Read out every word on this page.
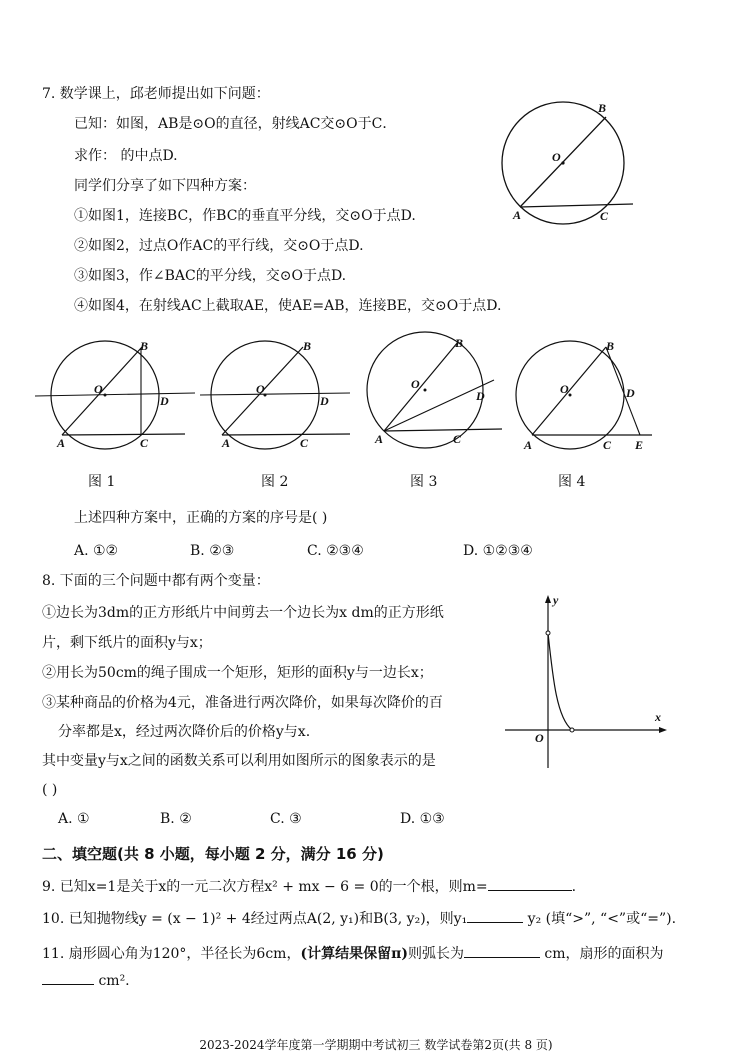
7. 数学课上，邱老师提出如下问题：
已知：如图，AB是⊙O的直径，射线AC交⊙O于C．
求作： 的中点D.
同学们分享了如下四种方案：
①如图1，连接BC，作BC的垂直平分线，交⊙O于点D.
②如图2，过点O作AC的平行线，交⊙O于点D.
③如图3，作∠BAC的平分线，交⊙O于点D.
④如图4，在射线AC上截取AE，使AE=AB，连接BE，交⊙O于点D.
B
O
A	C
B
O
D
A	C
B
O
D
A	C
B
O
D
A	C
B
O	D
A	C E
图 1	图 2	图 3	图 4
上述四种方案中，正确的方案的序号是( )
A. ①②	B. ②③	C. ②③④	D. ①②③④
8. 下面的三个问题中都有两个变量：
①边长为3dm的正方形纸片中间剪去一个边长为x dm的正方形纸
片，剩下纸片的面积y与x；
②用长为50cm的绳子围成一个矩形，矩形的面积y与一边长x；
③某种商品的价格为4元，准备进行两次降价，如果每次降价的百
分率都是x，经过两次降价后的价格y与x.
其中变量y与x之间的函数关系可以利用如图所示的图象表示的是
( )
y
x
O
A. ①	B. ②	C. ③	D. ①③
二、填空题(共 8 小题，每小题 2 分，满分 16 分)
9. 已知x=1是关于x的一元二次方程x² + mx − 6 = 0的一个根，则m=	.
10. 已知抛物线y = (x − 1)² + 4经过两点A(2, y₁)和B(3, y₂)，则y₁	y₂ (填“>”, “<”或“=”).
11. 扇形圆心角为120°，半径长为6cm，(计算结果保留π)则弧长为	cm，扇形的面积为
cm².
2023-2024学年度第一学期期中考试初三 数学试卷第2页(共 8 页)
